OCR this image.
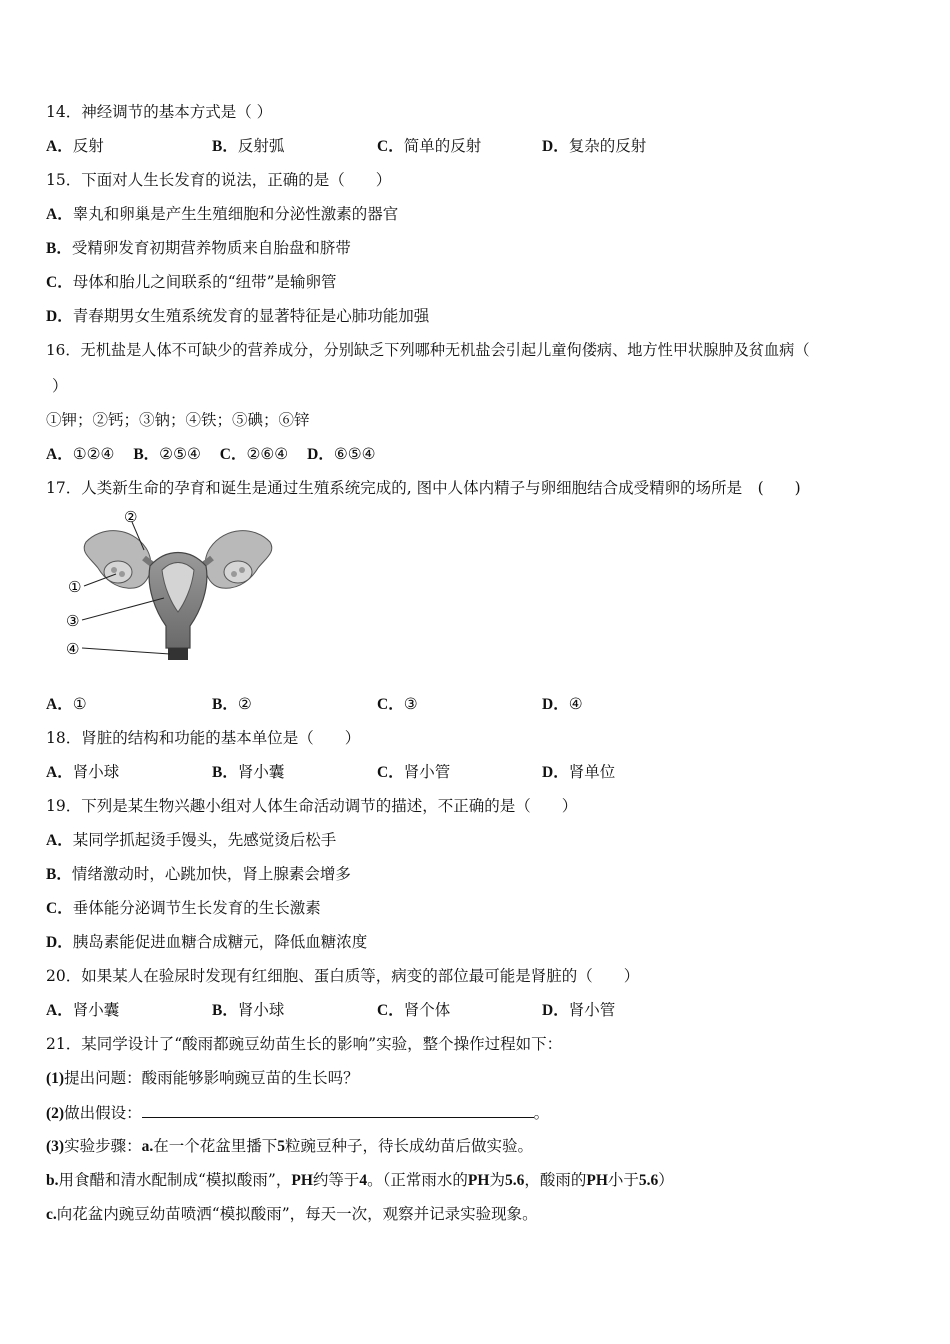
14．神经调节的基本方式是（ ）
A．反射	B．反射弧	C．简单的反射	D．复杂的反射
15．下面对人生长发育的说法，正确的是（　　）
A．睾丸和卵巢是产生生殖细胞和分泌性激素的器官
B．受精卵发育初期营养物质来自胎盘和脐带
C．母体和胎儿之间联系的“纽带”是输卵管
D．青春期男女生殖系统发育的显著特征是心肺功能加强
16．无机盐是人体不可缺少的营养成分，分别缺乏下列哪种无机盐会引起儿童佝偻病、地方性甲状腺肿及贫血病（
）
①钾；②钙；③钠；④铁；⑤碘；⑥锌
A．①②④ B．②⑤④ C．②⑥④ D．⑥⑤④
17．人类新生命的孕育和诞生是通过生殖系统完成的, 图中人体内精子与卵细胞结合成受精卵的场所是　(　　)
①
②
③
④
A．①	B．②	C．③	D．④
18．肾脏的结构和功能的基本单位是（　　）
A．肾小球	B．肾小囊	C．肾小管	D．肾单位
19．下列是某生物兴趣小组对人体生命活动调节的描述，不正确的是（　　）
A．某同学抓起烫手馒头，先感觉烫后松手
B．情绪激动时，心跳加快，肾上腺素会增多
C．垂体能分泌调节生长发育的生长激素
D．胰岛素能促进血糖合成糖元，降低血糖浓度
20．如果某人在验尿时发现有红细胞、蛋白质等，病变的部位最可能是肾脏的（　　）
A．肾小囊	B．肾小球	C．肾个体	D．肾小管
21．某同学设计了“酸雨都豌豆幼苗生长的影响”实验，整个操作过程如下：
(1)提出问题：酸雨能够影响豌豆苗的生长吗？
(2)做出假设：	。
(3)实验步骤：a.在一个花盆里播下5粒豌豆种子，待长成幼苗后做实验。
b.用食醋和清水配制成“模拟酸雨”，PH约等于4。（正常雨水的PH为5.6，酸雨的PH小于5.6）
c.向花盆内豌豆幼苗喷洒“模拟酸雨”，每天一次，观察并记录实验现象。
